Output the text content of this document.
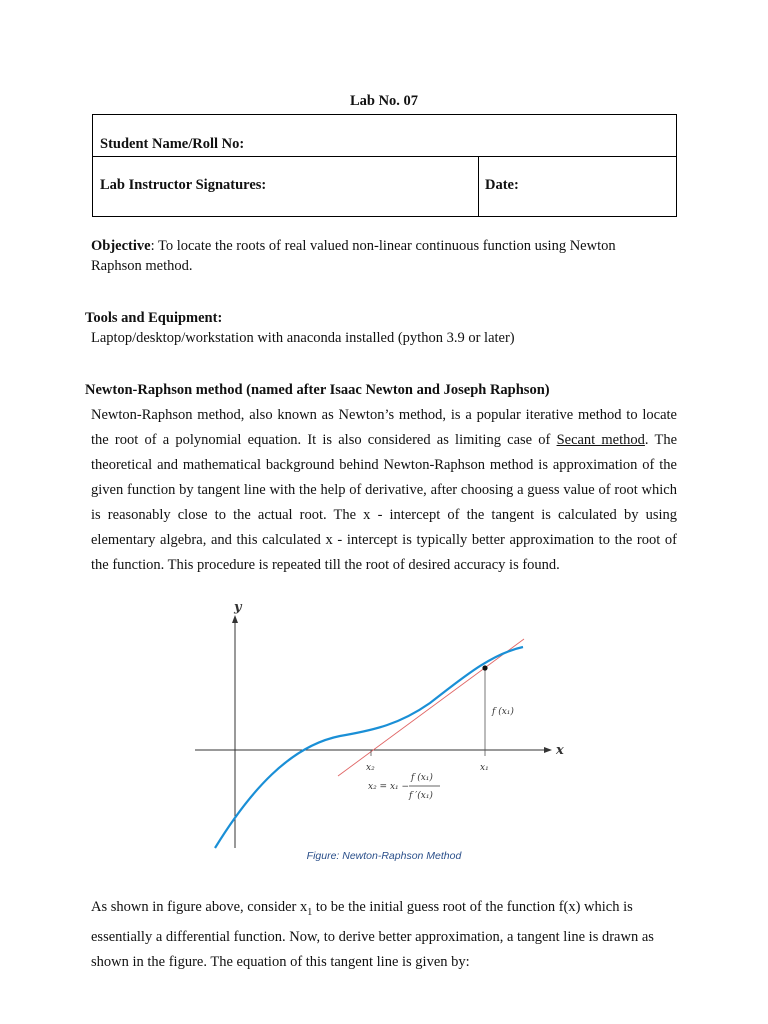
Lab No. 07
Student Name/Roll No:
Lab Instructor Signatures:	Date:
Objective: To locate the roots of real valued non-linear continuous function using Newton Raphson method.
Tools and Equipment:
Laptop/desktop/workstation with anaconda installed (python 3.9 or later)
Newton-Raphson method (named after Isaac Newton and Joseph Raphson)
Newton-Raphson method, also known as Newton’s method, is a popular iterative method to locate the root of a polynomial equation. It is also considered as limiting case of Secant method. The theoretical and mathematical background behind Newton-Raphson method is approximation of the given function by tangent line with the help of derivative, after choosing a guess value of root which is reasonably close to the actual root. The x - intercept of the tangent is calculated by using elementary algebra, and this calculated x - intercept is typically better approximation to the root of the function. This procedure is repeated till the root of desired accuracy is found.
y
x
f (x₁)
x₁
x₂
x₂ = x₁ −
f (x₁)
f ′(x₁)
Figure: Newton-Raphson Method
As shown in figure above, consider $x_1$ to be the initial guess root of the function f(x) which is essentially a differential function. Now, to derive better approximation, a tangent line is drawn as shown in the figure. The equation of this tangent line is given by:
